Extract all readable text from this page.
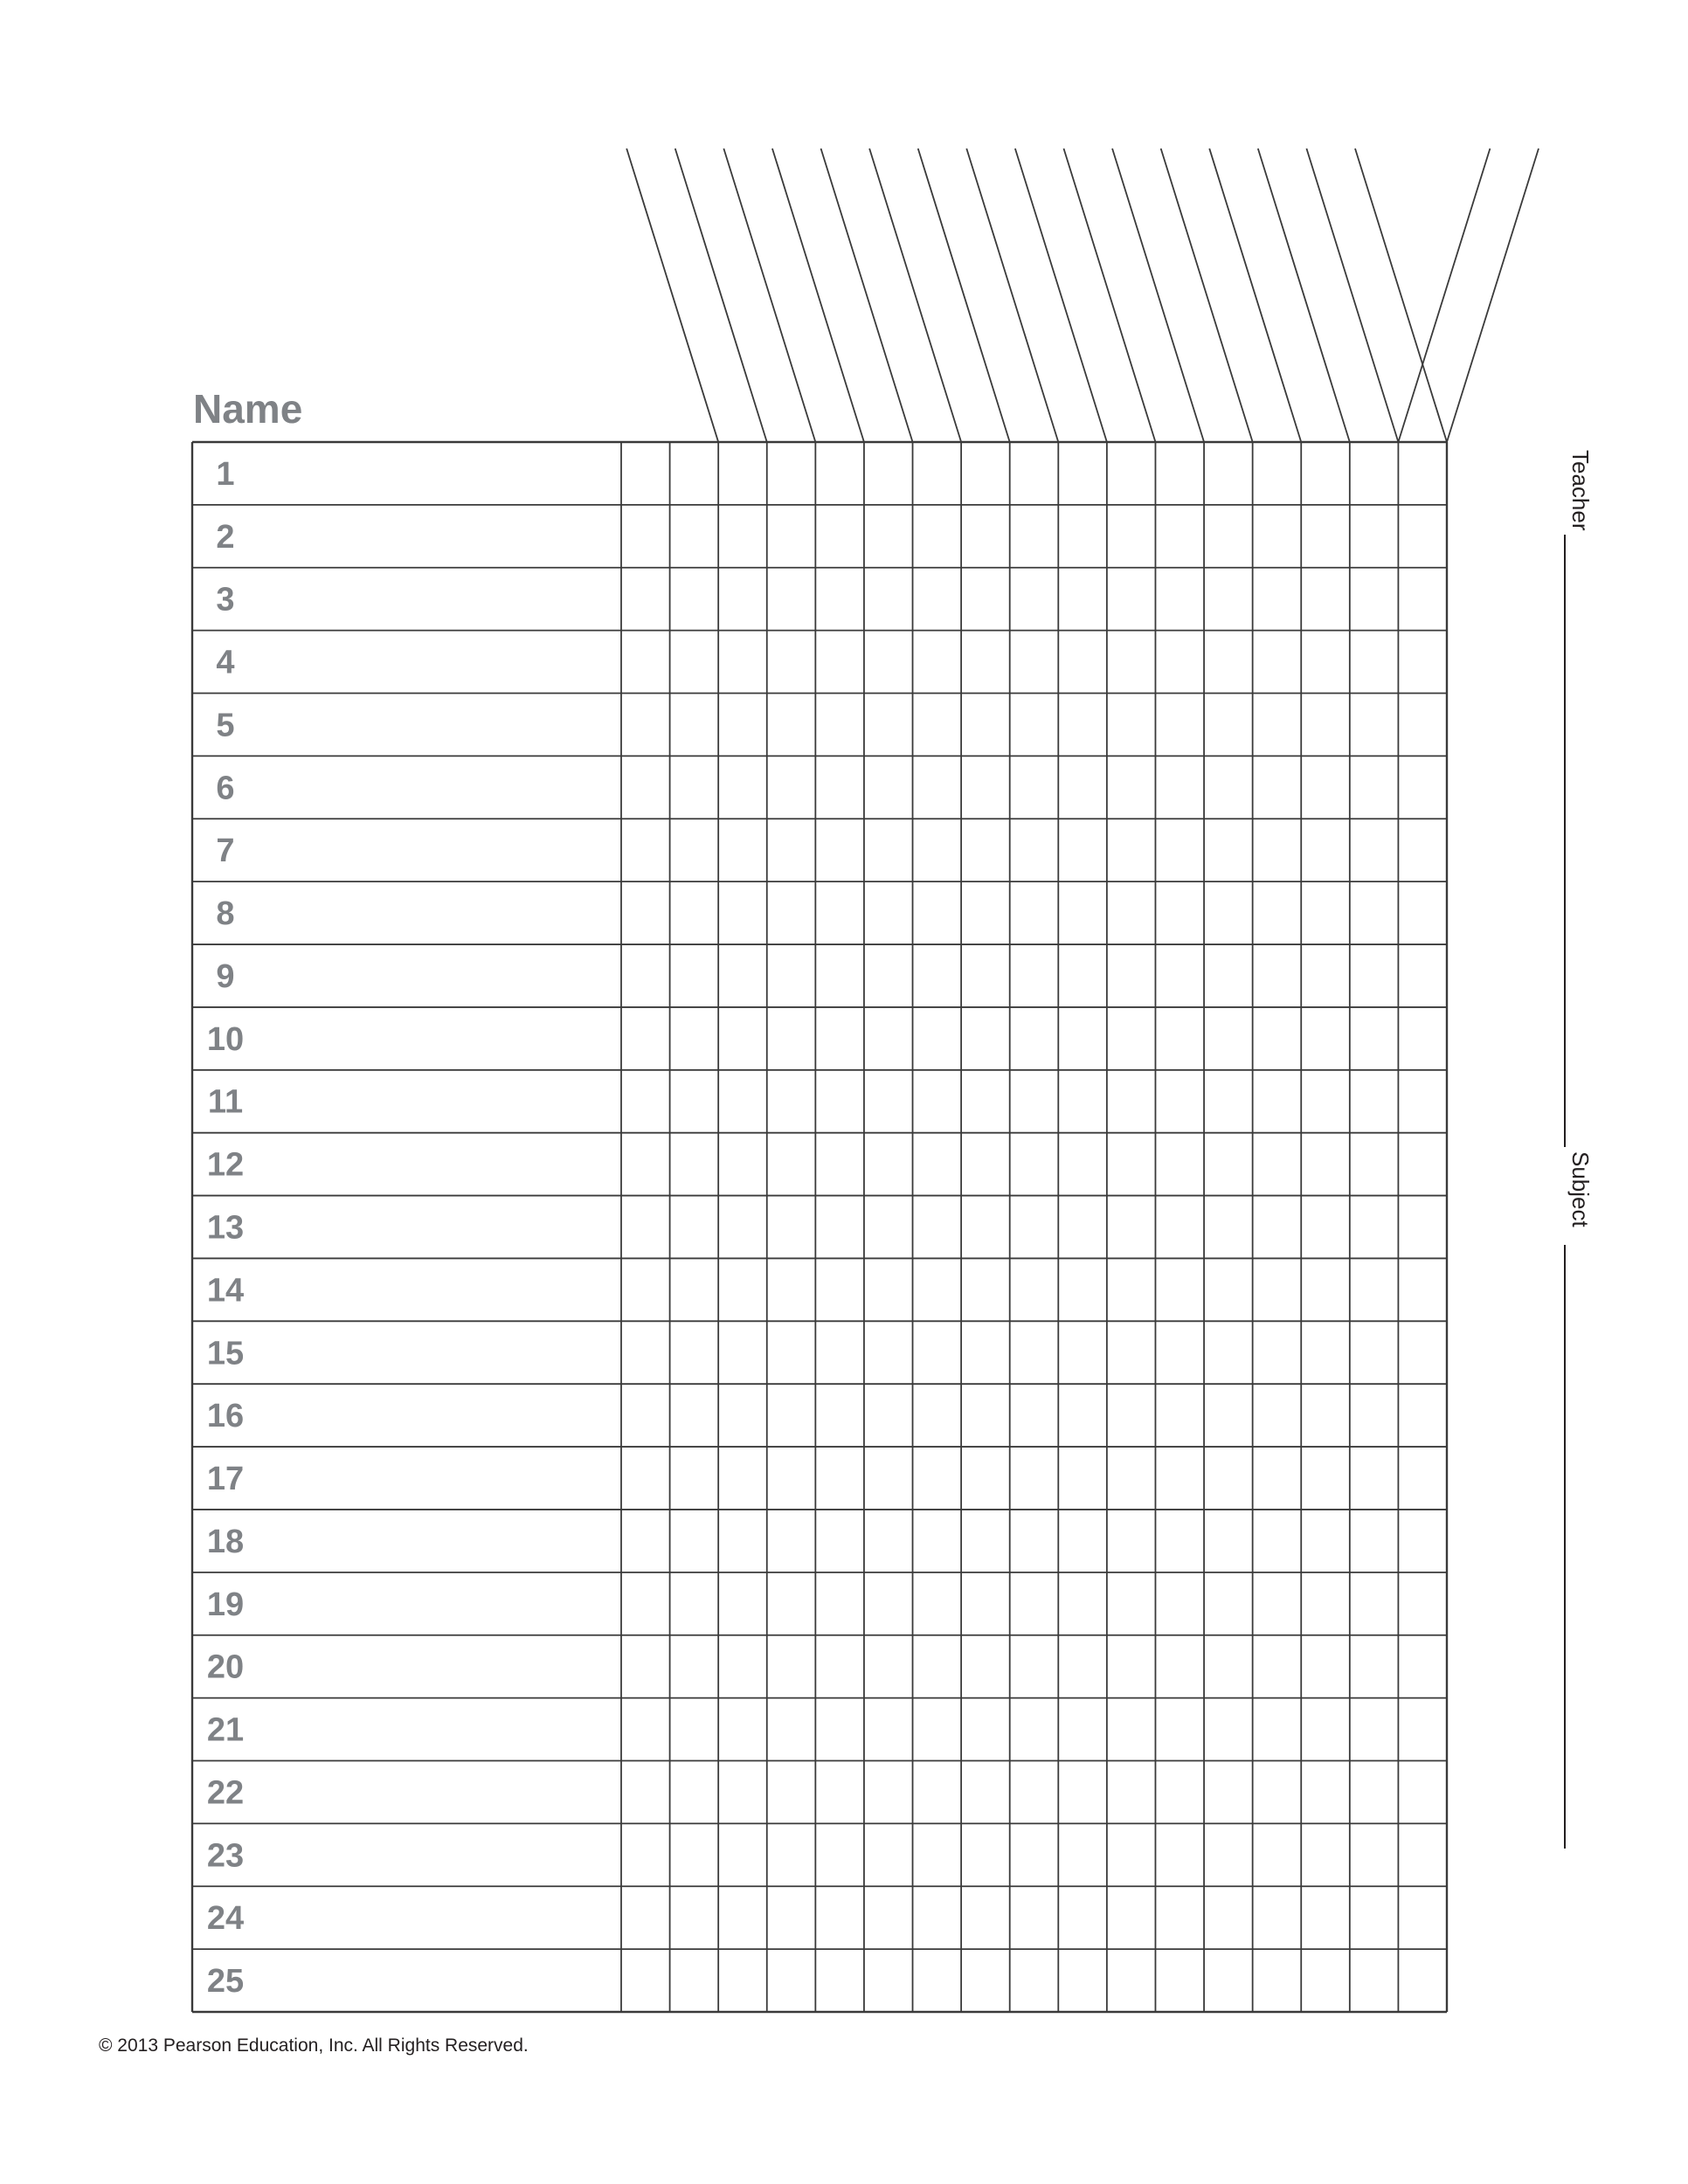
Name
1
2
3
4
5
6
7
8
9
10
11
12
13
14
15
16
17
18
19
20
21
22
23
24
25
Teacher
Subject
© 2013 Pearson Education, Inc. All Rights Reserved.
